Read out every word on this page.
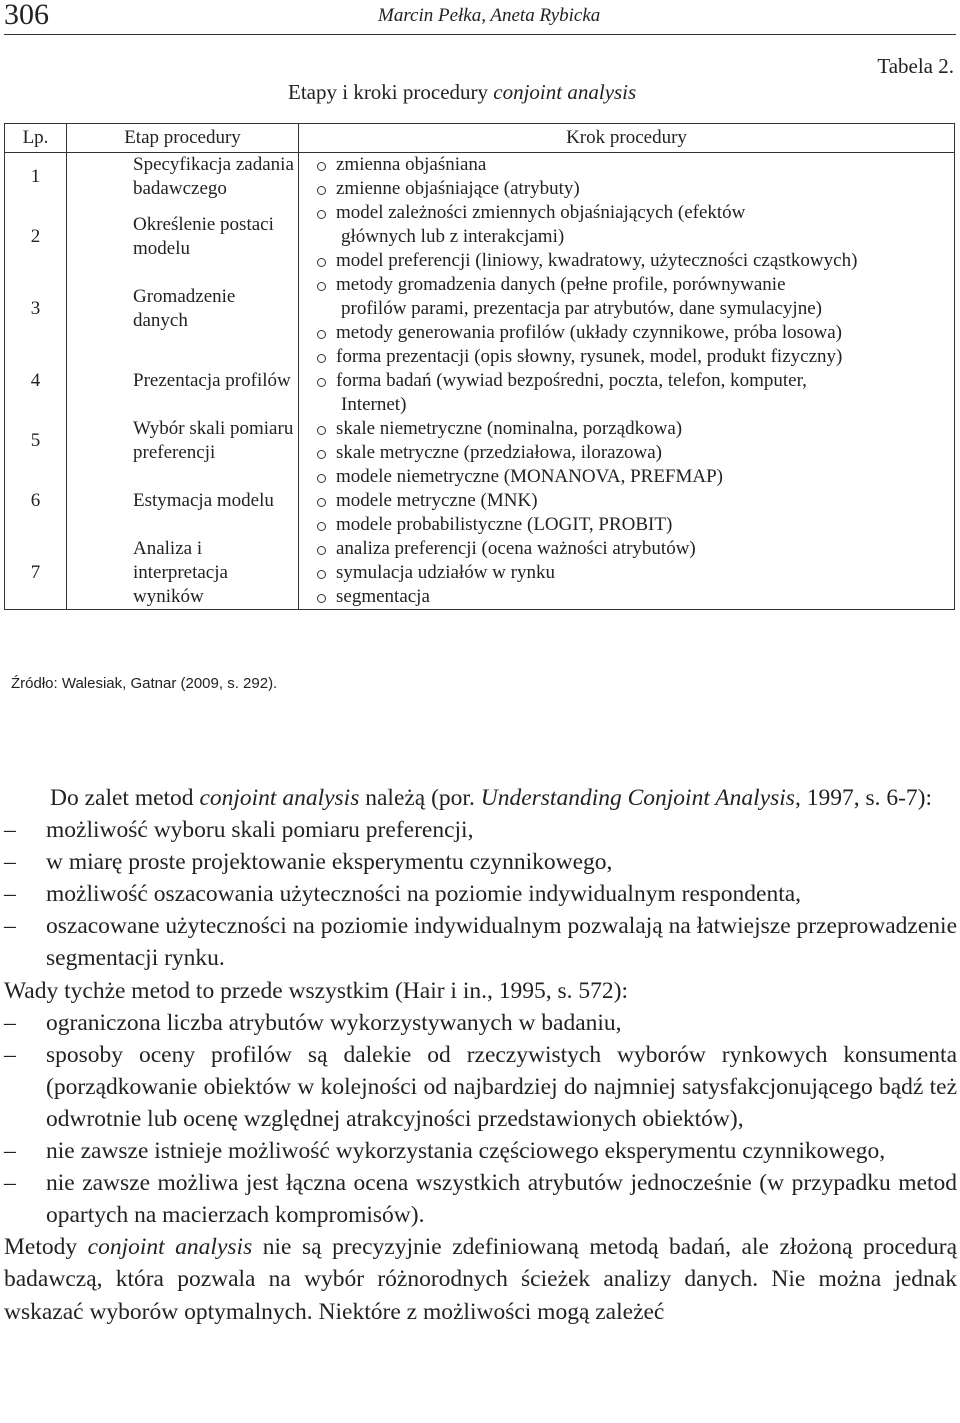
306	Marcin Pełka, Aneta Rybicka
Tabela 2.
Etapy i kroki procedury conjoint analysis
Lp.	Etap procedury	Krok procedury
1	Specyfikacja zadania badawczego	zmienna objaśniana
zmienne objaśniające (atrybuty)

2	Określenie postaci modelu	model zależności zmiennych objaśniających (efektów
głównych lub z interakcjami)
model preferencji (liniowy, kwadratowy, użyteczności cząstkowych)

3	Gromadzenie danych	metody gromadzenia danych (pełne profile, porównywanie
profilów parami, prezentacja par atrybutów, dane symulacyjne)
metody generowania profilów (układy czynnikowe, próba losowa)

4	Prezentacja profilów	forma prezentacji (opis słowny, rysunek, model, produkt fizyczny)
forma badań (wywiad bezpośredni, poczta, telefon, komputer,
Internet)

5	Wybór skali pomiaru preferencji	skale niemetryczne (nominalna, porządkowa)
skale metryczne (przedziałowa, ilorazowa)

6	Estymacja modelu	modele niemetryczne (MONANOVA, PREFMAP)
modele metryczne (MNK)
modele probabilistyczne (LOGIT, PROBIT)

7	Analiza i interpretacja wyników	analiza preferencji (ocena ważności atrybutów)
symulacja udziałów w rynku
segmentacja
Źródło: Walesiak, Gatnar (2009, s. 292).

Do zalet metod conjoint analysis należą (por. Understanding Conjoint Analysis, 1997, s. 6-7):

– możliwość wyboru skali pomiaru preferencji,
– w miarę proste projektowanie eksperymentu czynnikowego,
– możliwość oszacowania użyteczności na poziomie indywidualnym respondenta,
– oszacowane użyteczności na poziomie indywidualnym pozwalają na łatwiejsze przeprowadzenie segmentacji rynku.

Wady tychże metod to przede wszystkim (Hair i in., 1995, s. 572):

– ograniczona liczba atrybutów wykorzystywanych w badaniu,
– sposoby oceny profilów są dalekie od rzeczywistych wyborów rynkowych konsumenta (porządkowanie obiektów w kolejności od najbardziej do najmniej satysfakcjonującego bądź też odwrotnie lub ocenę względnej atrakcyjności przedstawionych obiektów),
– nie zawsze istnieje możliwość wykorzystania częściowego eksperymentu czynnikowego,
– nie zawsze możliwa jest łączna ocena wszystkich atrybutów jednocześnie (w przypadku metod opartych na macierzach kompromisów).

Metody conjoint analysis nie są precyzyjnie zdefiniowaną metodą badań, ale złożoną procedurą badawczą, która pozwala na wybór różnorodnych ścieżek analizy danych. Nie można jednak wskazać wyborów optymalnych. Niektóre z możliwości mogą zależeć
